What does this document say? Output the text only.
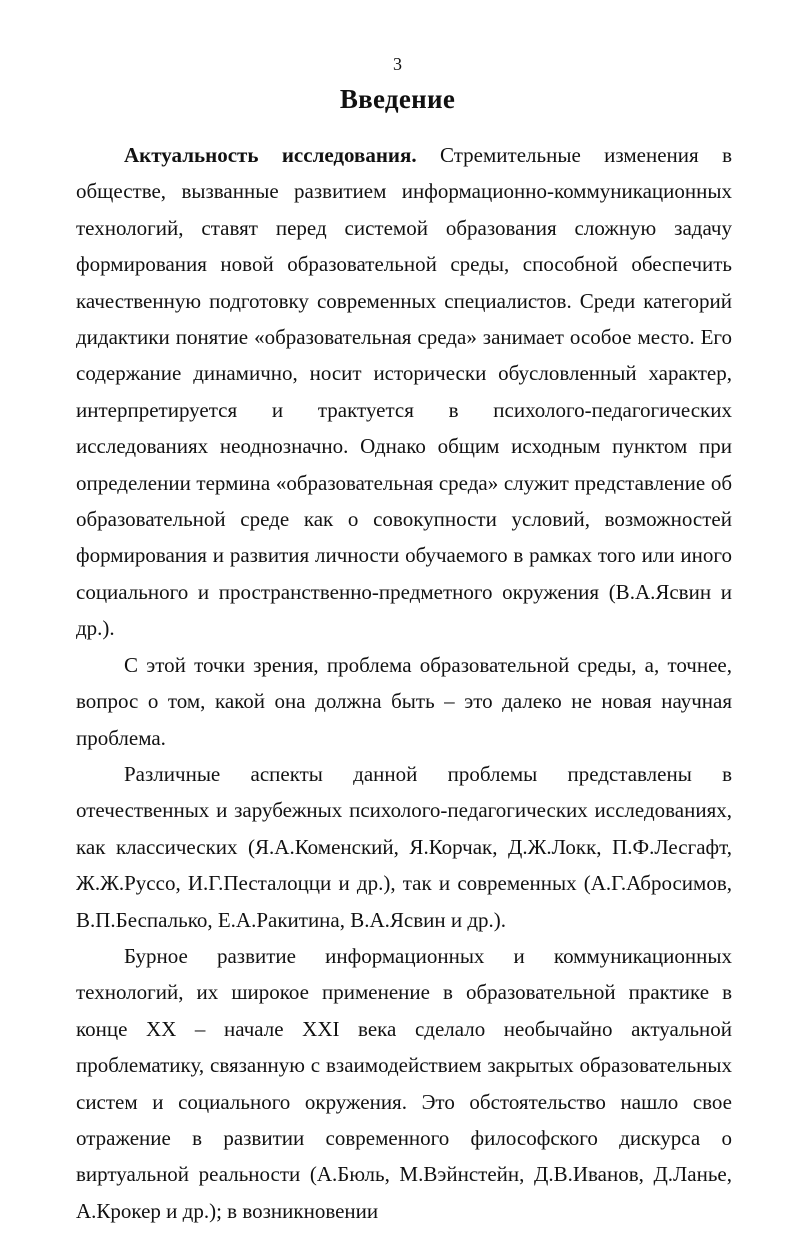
3
Введение

Актуальность исследования. Стремительные изменения в обществе, вызванные развитием информационно-коммуникационных технологий, ставят перед системой образования сложную задачу формирования новой образовательной среды, способной обеспечить качественную подготовку современных специалистов. Среди категорий дидактики понятие «образовательная среда» занимает особое место. Его содержание динамично, носит исторически обусловленный характер, интерпретируется и трактуется в психолого-педагогических исследованиях неоднозначно. Однако общим исходным пунктом при определении термина «образовательная среда» служит представление об образовательной среде как о совокупности условий, возможностей формирования и развития личности обучаемого в рамках того или иного социального и пространственно-предметного окружения (В.А.Ясвин и др.).

С этой точки зрения, проблема образовательной среды, а, точнее, вопрос о том, какой она должна быть – это далеко не новая научная проблема.

Различные аспекты данной проблемы представлены в отечественных и зарубежных психолого-педагогических исследованиях, как классических (Я.А.Коменский, Я.Корчак, Д.Ж.Локк, П.Ф.Лесгафт, Ж.Ж.Руссо, И.Г.Песталоцци и др.), так и современных (А.Г.Абросимов, В.П.Беспалько, Е.А.Ракитина, В.А.Ясвин и др.).

Бурное развитие информационных и коммуникационных технологий, их широкое применение в образовательной практике в конце XX – начале XXI века сделало необычайно актуальной проблематику, связанную с взаимодействием закрытых образовательных систем и социального окружения. Это обстоятельство нашло свое отражение в развитии современного философского дискурса о виртуальной реальности (А.Бюль, М.Вэйнстейн, Д.В.Иванов, Д.Ланье, А.Крокер и др.); в возникновении
